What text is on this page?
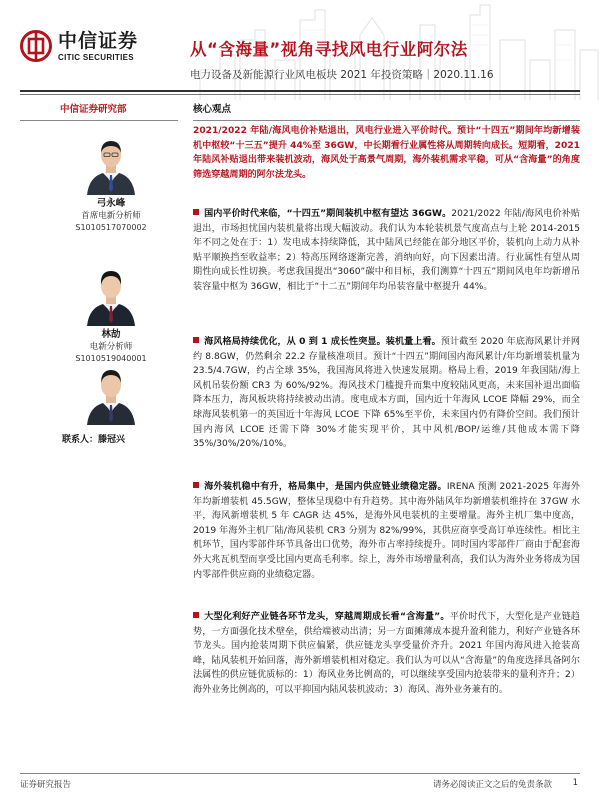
中信证券
CITIC SECURITIES	从“含海量”视角寻找风电行业阿尔法
电力设备及新能源行业风电板块 2021 年投资策略｜2020.11.16
中信证券研究部
弓永峰
首席电新分析师
S1010517070002
林劼
电新分析师
S1010519040001
联系人：滕冠兴
核心观点
2021/2022 年陆/海风电价补贴退出，风电行业进入平价时代。预计“十四五”期间年均新增装机中枢较“十三五”提升 44%至 36GW，中长期看行业属性将从周期转向成长。短期看，2021 年陆风补贴退出带来装机波动，海风处于高景气周期，海外装机需求平稳，可从“含海量”的角度筛选穿越周期的阿尔法龙头。
国内平价时代来临，“十四五”期间装机中枢有望达 36GW。2021/2022 年陆/海风电价补贴退出，市场担忧国内装机量将出现大幅波动。我们认为本轮装机景气度高点与上轮 2014-2015 年不同之处在于：1）发电成本持续降低，其中陆风已经能在部分地区平价，装机向上动力从补贴平顺换挡至收益率；2）特高压网络逐渐完善，消纳向好，向下因素出清。行业属性有望从周期性向成长性切换。考虑我国提出“3060”碳中和目标，我们测算“十四五”期间风电年均新增吊装容量中枢为 36GW，相比于“十二五”期间年均吊装容量中枢提升 44%。
海风格局持续优化，从 0 到 1 成长性突显。装机量上看。预计截至 2020 年底海风累计并网约 8.8GW，仍然剩余 22.2 存量核准项目。预计“十四五”期间国内海风累计/年均新增装机量为 23.5/4.7GW，约占全球 35%，我国海风将进入快速发展期。格局上看，2019 年我国陆/海上风机吊装份额 CR3 为 60%/92%。海风技术门槛提升而集中度较陆风更高，未来国补退出面临降本压力，海风板块将持续被动出清。度电成本方面，国内近十年海风 LCOE 降幅 29%，而全球海风装机第一的英国近十年海风 LCOE 下降 65%至平价，未来国内仍有降价空间。我们预计国内海风 LCOE 还需下降 30%才能实现平价，其中风机/BOP/运维/其他成本需下降 35%/30%/20%/10%。
海外装机稳中有升，格局集中，是国内供应链业绩稳定器。IRENA 预测 2021-2025 年海外年均新增装机 45.5GW，整体呈现稳中有升趋势。其中海外陆风年均新增装机维持在 37GW 水平，海风新增装机 5 年 CAGR 达 45%，是海外风电装机的主要增量。海外主机厂集中度高，2019 年海外主机厂陆/海风装机 CR3 分别为 82%/99%，其供应商享受高订单连续性。相比主机环节，国内零部件环节具备出口优势，海外市占率持续提升。同时国内零部件厂商由于配套海外大兆瓦机型而享受比国内更高毛利率。综上，海外市场增量利高，我们认为海外业务将成为国内零部件供应商的业绩稳定器。
大型化利好产业链各环节龙头，穿越周期成长看“含海量”。平价时代下，大型化是产业链趋势，一方面强化技术壁垒，供给端被动出清；另一方面摊薄成本提升盈利能力，利好产业链各环节龙头。国内抢装周期下供应偏紧，供应链龙头享受量价齐升。2021 年国内海风进入抢装高峰，陆风装机开始回落，海外新增装机相对稳定。我们认为可以从“含海量”的角度选择具备阿尔法属性的供应链优质标的：1）海风业务比例高的，可以继续享受国内抢装带来的量利齐升；2）海外业务比例高的，可以平抑国内陆风装机波动；3）海风、海外业务兼有的。
证券研究报告	请务必阅读正文之后的免责条款 1
